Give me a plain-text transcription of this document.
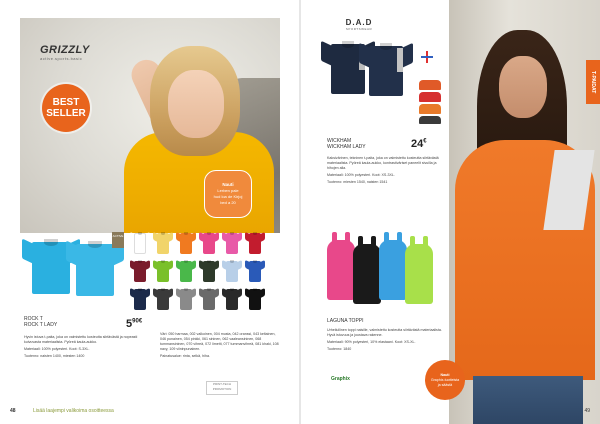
GRIZZLY
active.sports.basic
BEST
SELLER
Nauti
Lerben pale
hud loa de Kirjoj
bed a 20
ACTIVE
ROCK T
ROCK T LADY	$5^{90€}$

Hyvin istuva t-paita, joka on valmistettu kosteutta siirtävästä ja nopeasti kuivuvasta materiaalista. Pyöreä kaula-aukko.

Materiaali: 100% polyesteri. Koot: S-3XL.

Tuotenro: naisten 1400, miesten 1400

Väri: 050 harmaa, 002 valkoinen, 004 musta, 042 oranssi, 043 keltainen, 046 punainen, 054 pinkki, 061 sininen, 062 vaaleansininen, 068 tummansininen, 070 vihreä, 072 limetti, 077 tummanvihreä, 081 khaki, 108 navy, 109 viininpunainen.

Painatusalue: rinta, selkä, hiha.

PRINT-TECH PROMOTION
48	Lisää laajempi valikoima osoitteessa
D.A.D
SPORTSWEAR
WICKHAM
WICKHAM LADY	24€

Kaksivärinen, tekninen t-paita, joka on valmistettu kosteutta siirtävästä materiaalista. Pyöreä kaula-aukko, kontrastiväriset paneelit sivuilla ja hihojen alla.

Materiaali: 100% polyesteri. Koot: XS-3XL.

Tuotenro: miesten 1540, naisten 1541

LAGUNA TOPPI

Urheilullinen toppi naisille, valmistettu kosteutta siirtävästä materiaalista. Hyvä istuvuus ja joustava rakenne.

Materiaali: 90% polyesteri, 10% elastaani. Koot: XS-XL.

Tuotenro: 1840

Graphix
T-PAIDAT
Nauti
Graphix-tuotteista
ja säästä
49
